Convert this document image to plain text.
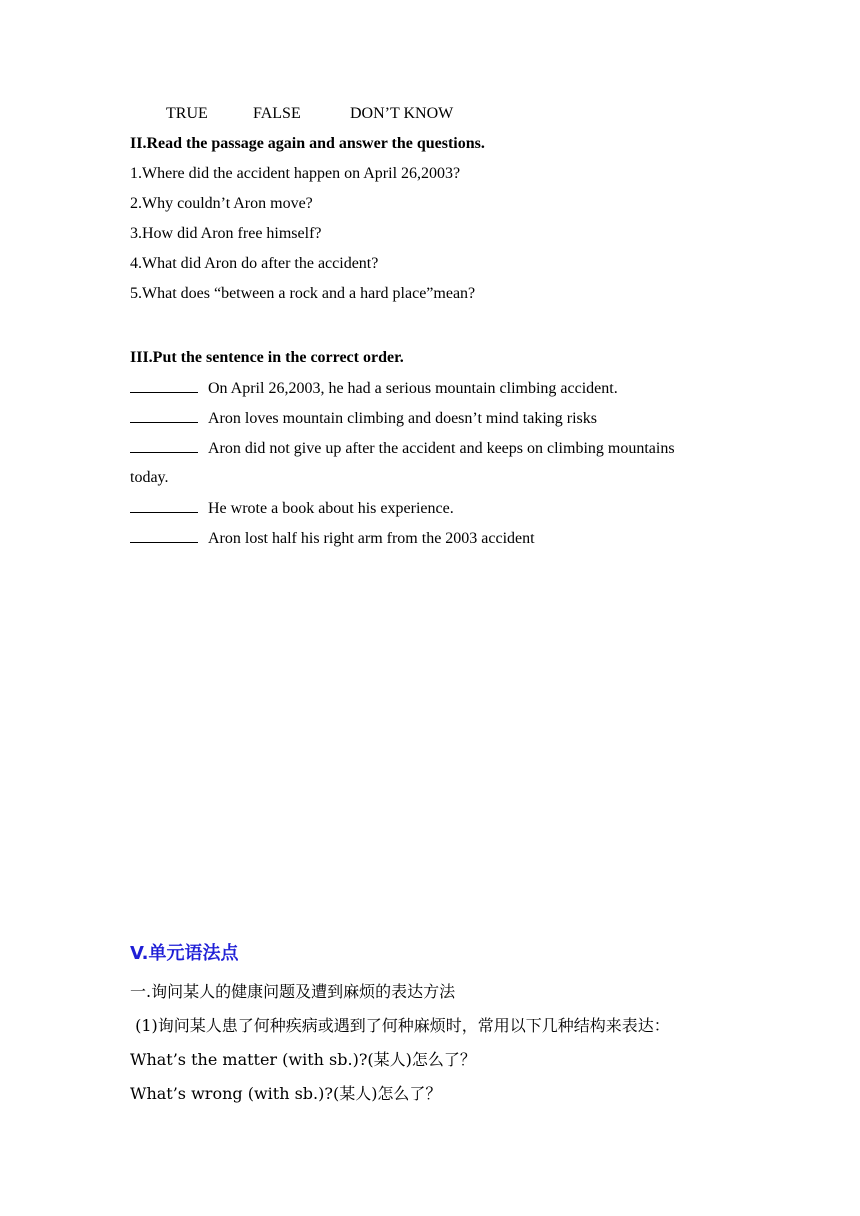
TRUE	FALSE	DON’T KNOW
II.Read the passage again and answer the questions.
1.Where did the accident happen on April 26,2003?
2.Why couldn’t Aron move?
3.How did Aron free himself?
4.What did Aron do after the accident?
5.What does “between a rock and a hard place”mean?
III.Put the sentence in the correct order.
On April 26,2003, he had a serious mountain climbing accident.
Aron loves mountain climbing and doesn’t mind taking risks
Aron did not give up after the accident and keeps on climbing mountains
today.
He wrote a book about his experience.
Aron lost half his right arm from the 2003 accident
V.单元语法点
一.询问某人的健康问题及遭到麻烦的表达方法
(1)询问某人患了何种疾病或遇到了何种麻烦时，常用以下几种结构来表达：
What’s the matter (with sb.)?(某人)怎么了？
What’s wrong (with sb.)?(某人)怎么了？
